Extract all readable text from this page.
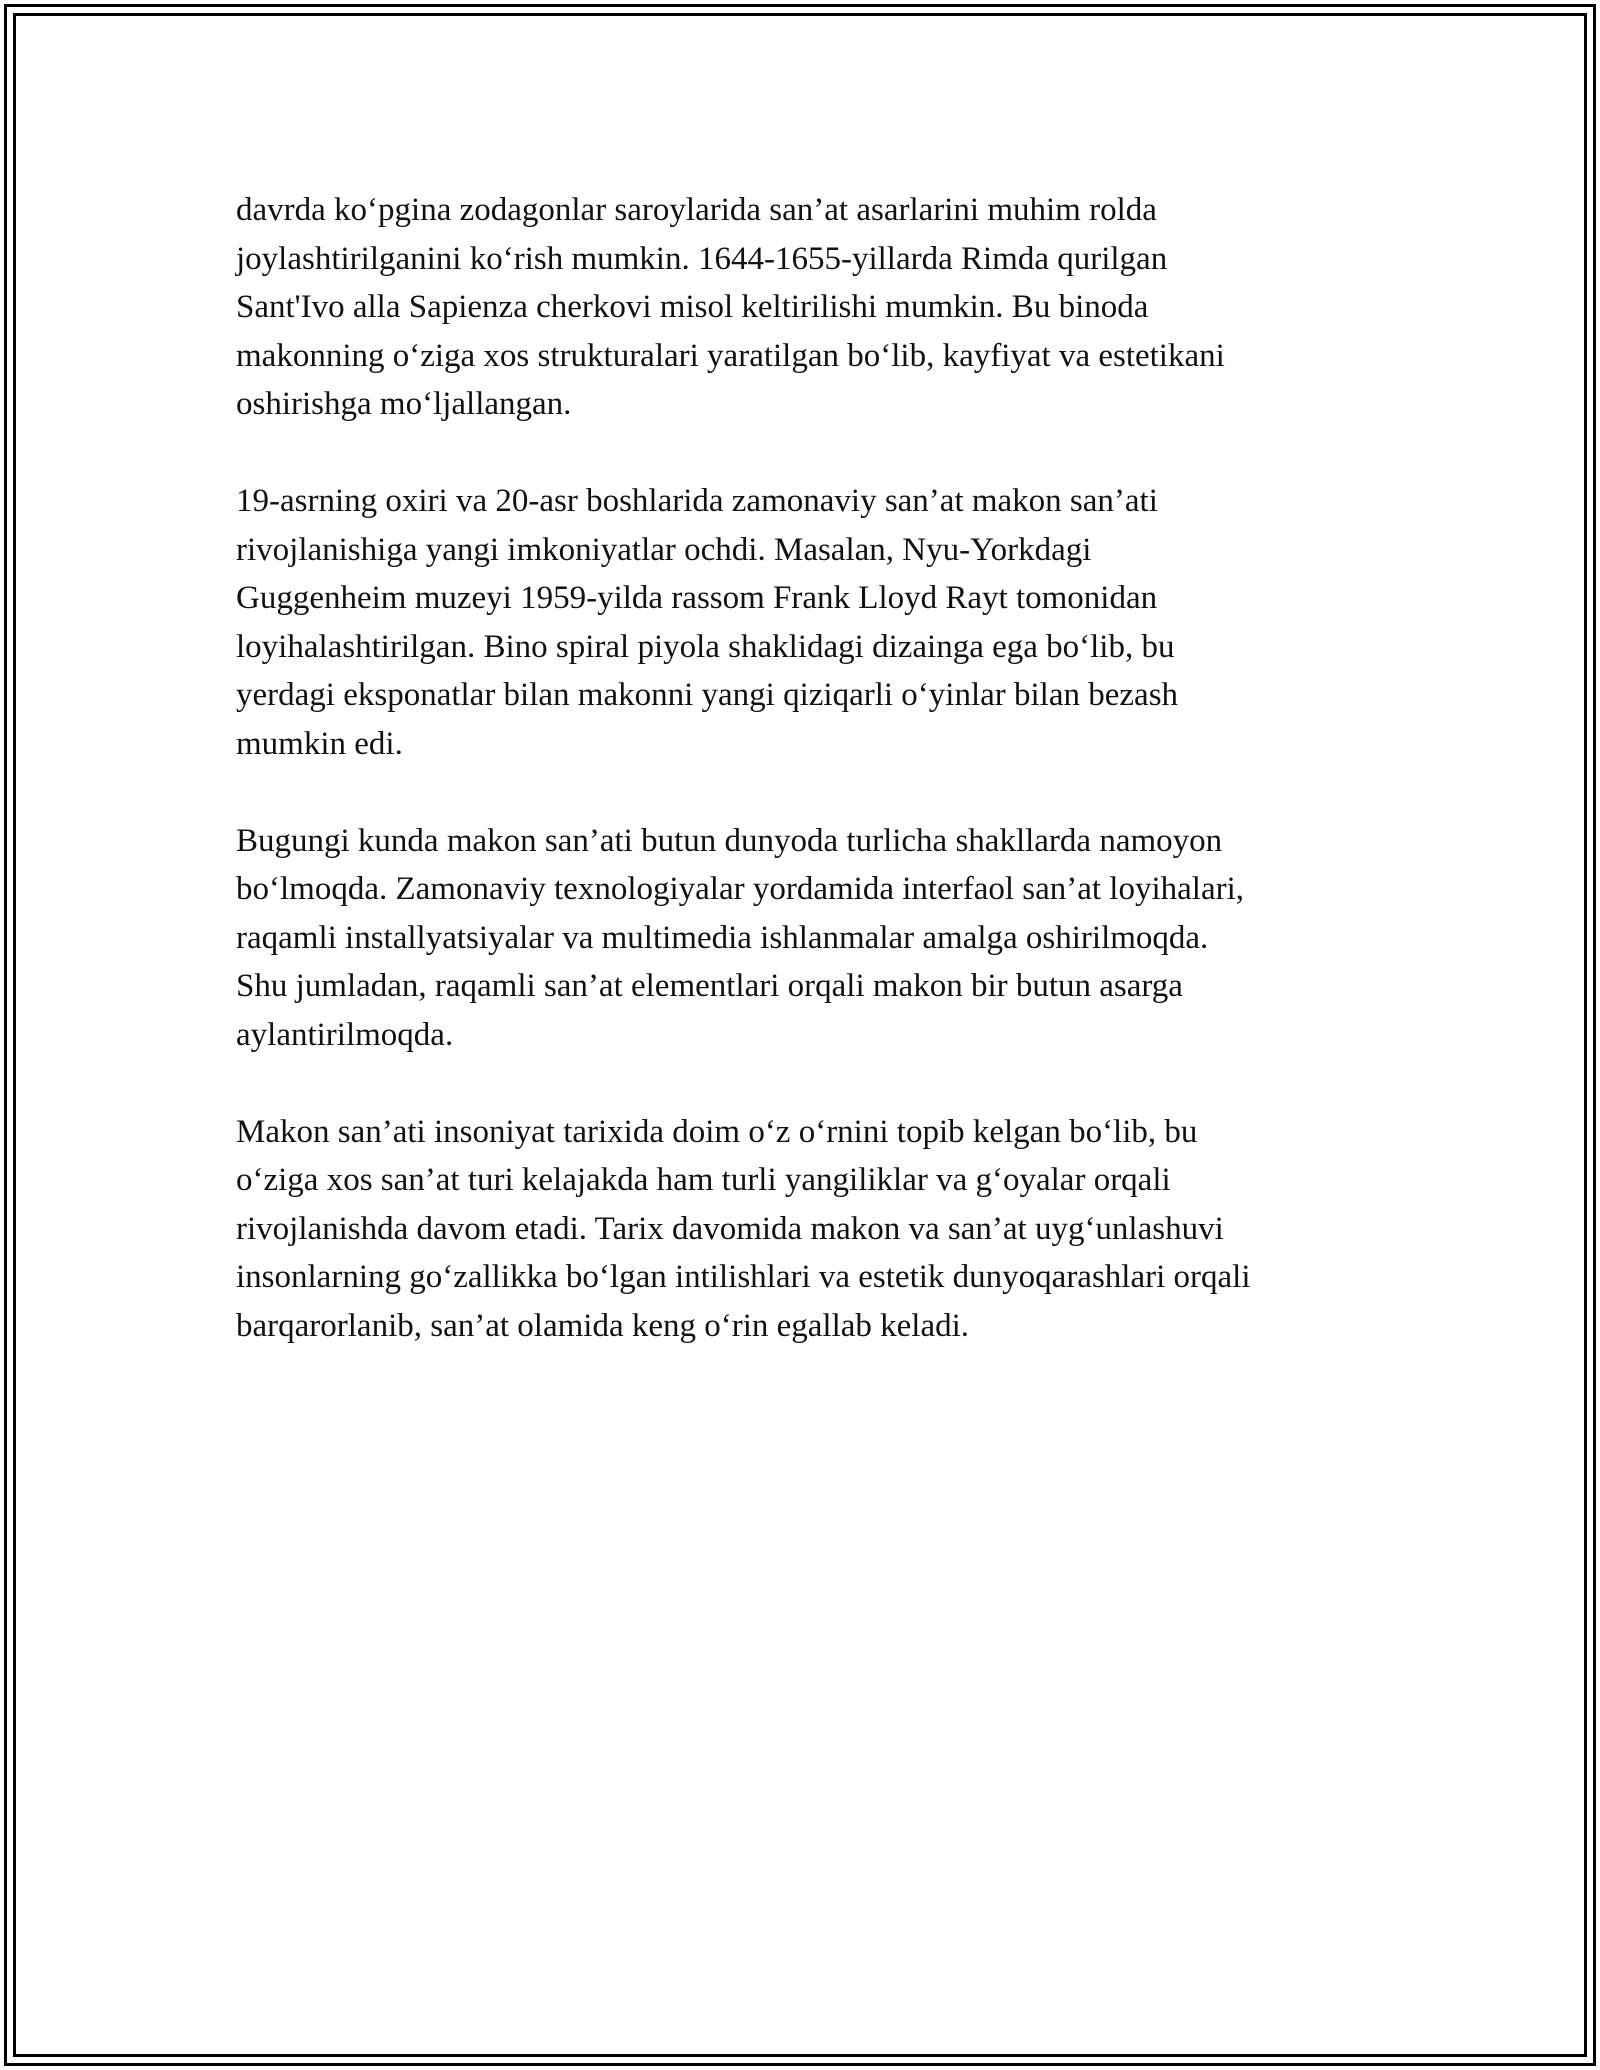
davrda ko‘pgina zodagonlar saroylarida san’at asarlarini muhim rolda
joylashtirilganini ko‘rish mumkin. 1644-1655-yillarda Rimda qurilgan
Sant'Ivo alla Sapienza cherkovi misol keltirilishi mumkin. Bu binoda
makonning o‘ziga xos strukturalari yaratilgan bo‘lib, kayfiyat va estetikani
oshirishga mo‘ljallangan.

19-asrning oxiri va 20-asr boshlarida zamonaviy san’at makon san’ati
rivojlanishiga yangi imkoniyatlar ochdi. Masalan, Nyu-Yorkdagi
Guggenheim muzeyi 1959-yilda rassom Frank Lloyd Rayt tomonidan
loyihalashtirilgan. Bino spiral piyola shaklidagi dizainga ega bo‘lib, bu
yerdagi eksponatlar bilan makonni yangi qiziqarli o‘yinlar bilan bezash
mumkin edi.

Bugungi kunda makon san’ati butun dunyoda turlicha shakllarda namoyon
bo‘lmoqda. Zamonaviy texnologiyalar yordamida interfaol san’at loyihalari,
raqamli installyatsiyalar va multimedia ishlanmalar amalga oshirilmoqda.
Shu jumladan, raqamli san’at elementlari orqali makon bir butun asarga
aylantirilmoqda.

Makon san’ati insoniyat tarixida doim o‘z o‘rnini topib kelgan bo‘lib, bu
o‘ziga xos san’at turi kelajakda ham turli yangiliklar va g‘oyalar orqali
rivojlanishda davom etadi. Tarix davomida makon va san’at uyg‘unlashuvi
insonlarning go‘zallikka bo‘lgan intilishlari va estetik dunyoqarashlari orqali
barqarorlanib, san’at olamida keng o‘rin egallab keladi.
